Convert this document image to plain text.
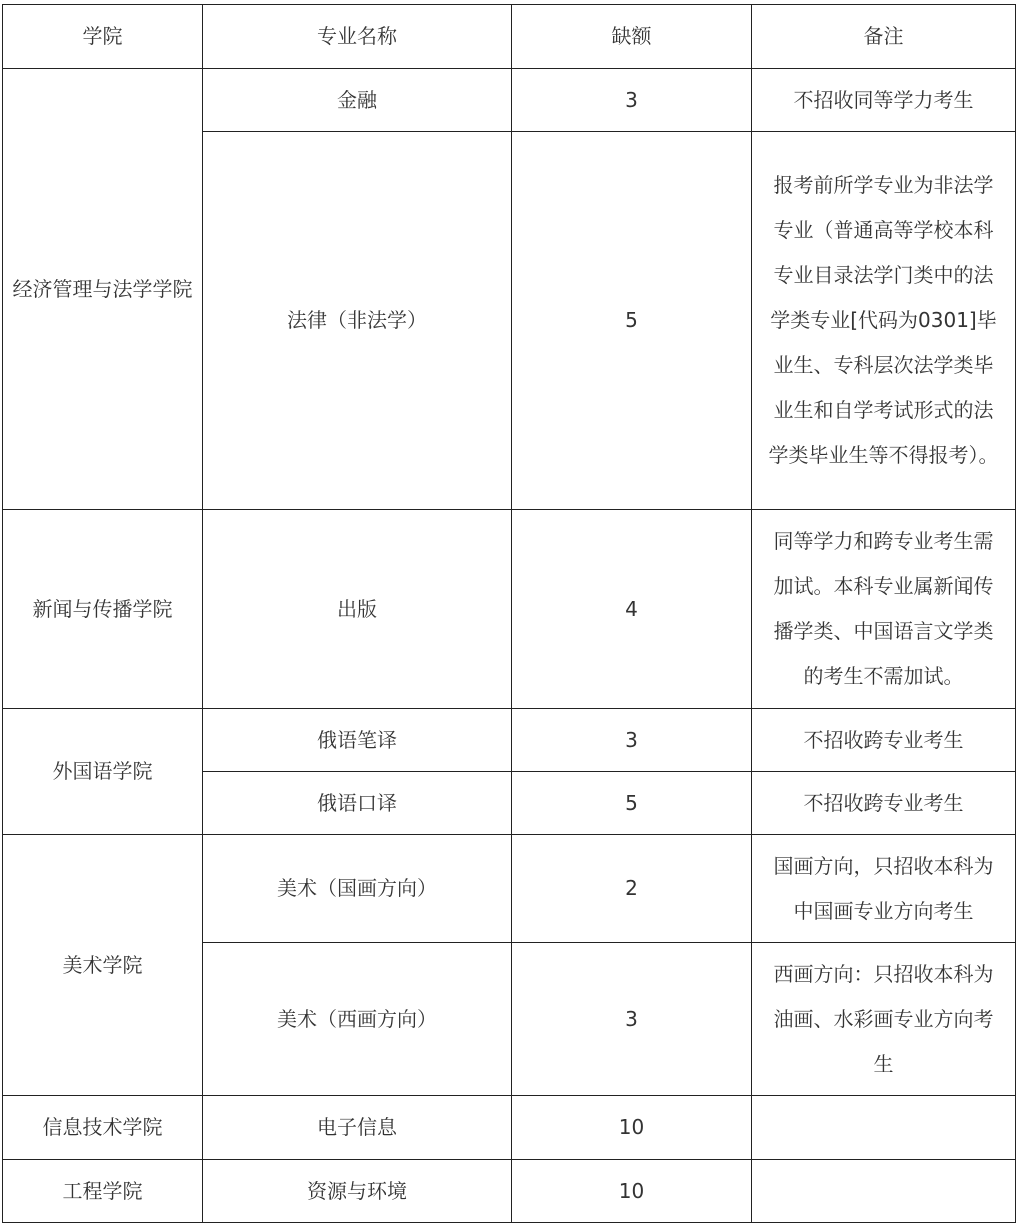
学院	专业名称	缺额	备注
经济管理与法学学院	金融	3	不招收同等学力考生
	法律（非法学）	5	报考前所学专业为非法学专业（普通高等学校本科专业目录法学门类中的法学类专业[代码为0301]毕业生、专科层次法学类毕业生和自学考试形式的法学类毕业生等不得报考）。
新闻与传播学院	出版	4	同等学力和跨专业考生需加试。本科专业属新闻传播学类、中国语言文学类的考生不需加试。
外国语学院	俄语笔译	3	不招收跨专业考生
	俄语口译	5	不招收跨专业考生
美术学院	美术（国画方向）	2	国画方向，只招收本科为中国画专业方向考生
	美术（西画方向）	3	西画方向：只招收本科为油画、水彩画专业方向考生
信息技术学院	电子信息	10	
工程学院	资源与环境	10	
